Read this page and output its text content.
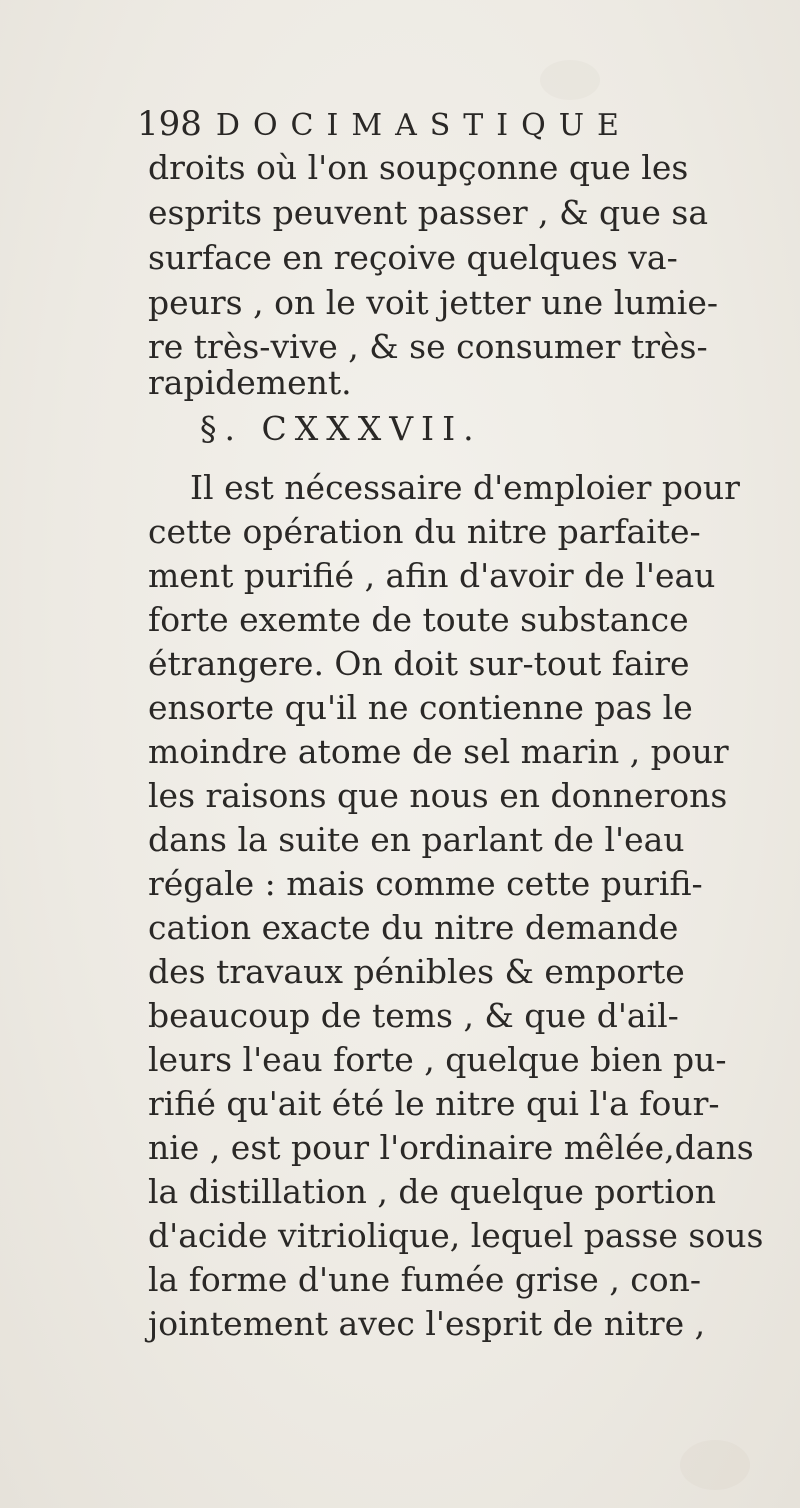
198 DOCIMASTIQUE
droits où l'on soupçonne que les
esprits peuvent passer , & que sa
surface en reçoive quelques va-
peurs , on le voit jetter une lumie-
re très-vive , & se consumer très-
rapidement.
§. CXXXVII.
Il est nécessaire d'emploier pour
cette opération du nitre parfaite-
ment purifié , afin d'avoir de l'eau
forte exemte de toute substance
étrangere. On doit sur-tout faire
ensorte qu'il ne contienne pas le
moindre atome de sel marin , pour
les raisons que nous en donnerons
dans la suite en parlant de l'eau
régale : mais comme cette purifi-
cation exacte du nitre demande
des travaux pénibles & emporte
beaucoup de tems , & que d'ail-
leurs l'eau forte , quelque bien pu-
rifié qu'ait été le nitre qui l'a four-
nie , est pour l'ordinaire mêlée,dans
la distillation , de quelque portion
d'acide vitriolique, lequel passe sous
la forme d'une fumée grise , con-
jointement avec l'esprit de nitre ,
